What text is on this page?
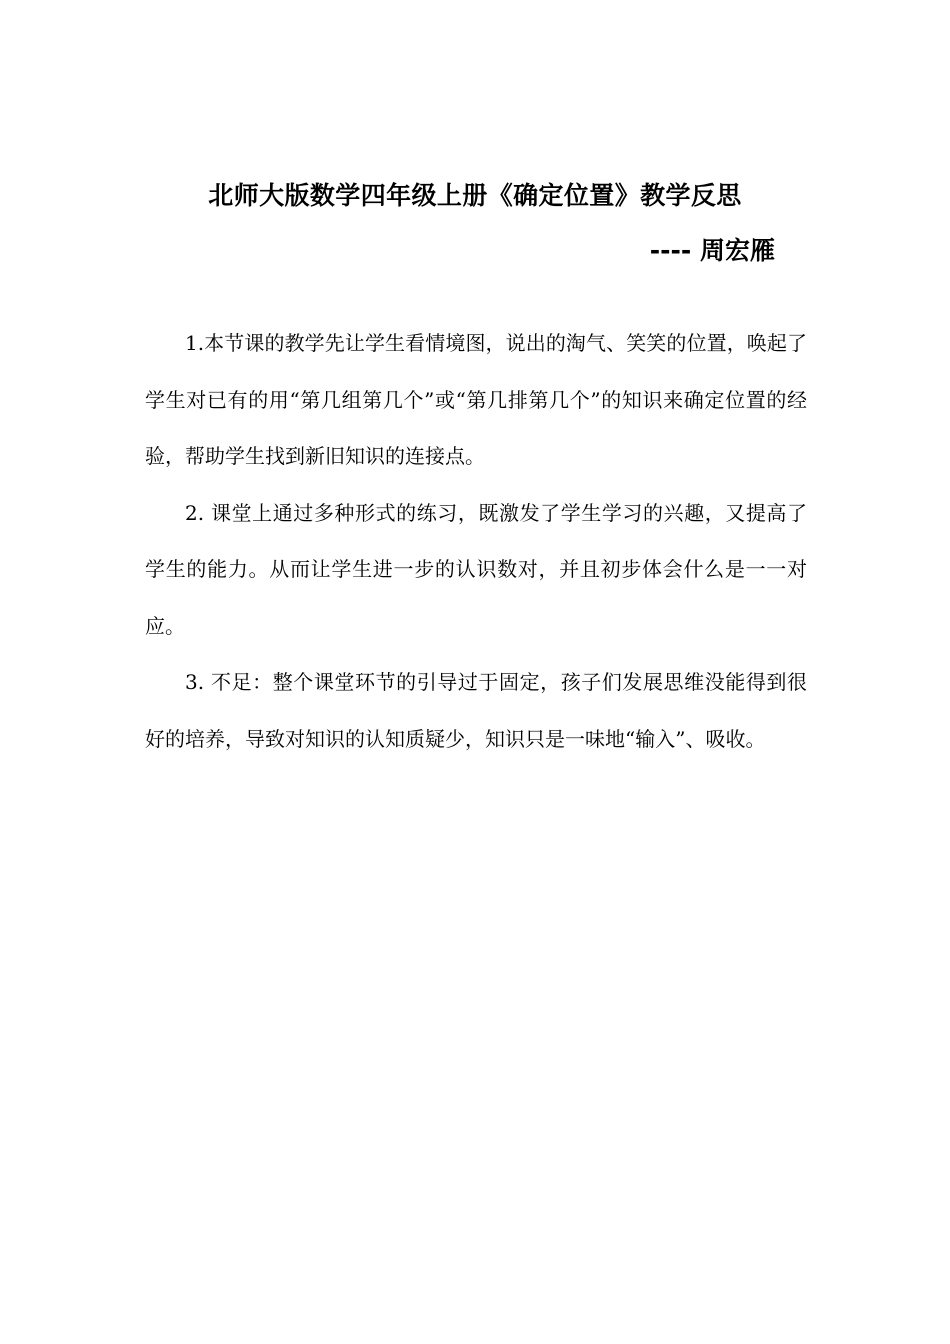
北师大版数学四年级上册《确定位置》教学反思
---- 周宏雁

1.本节课的教学先让学生看情境图，说出的淘气、笑笑的位置，唤起了学生对已有的用“第几组第几个”或“第几排第几个”的知识来确定位置的经验，帮助学生找到新旧知识的连接点。

2. 课堂上通过多种形式的练习，既激发了学生学习的兴趣，又提高了学生的能力。从而让学生进一步的认识数对，并且初步体会什么是一一对应。

3. 不足：整个课堂环节的引导过于固定，孩子们发展思维没能得到很好的培养，导致对知识的认知质疑少，知识只是一味地“输入”、吸收。
